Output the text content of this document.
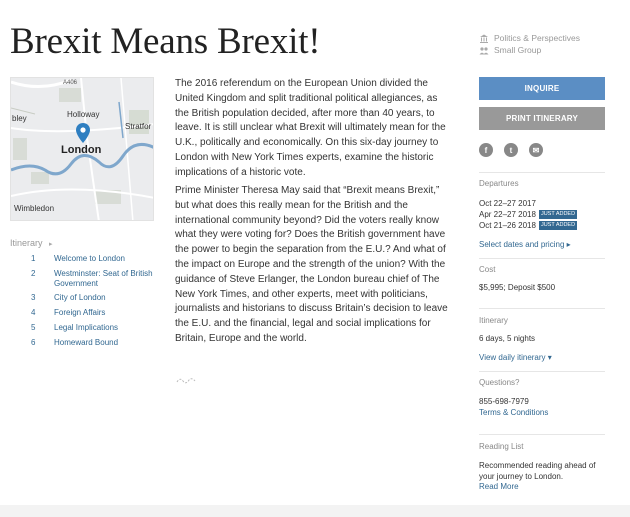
Brexit Means Brexit!	Politics & Perspectives
Small Group
A406
Holloway
bley
Stratfor
London
Wimbledon
Itinerary ▸
1	Welcome to London
2	Westminster: Seat of British Government
3	City of London
4	Foreign Affairs
5	Legal Implications
6	Homeward Bound

The 2016 referendum on the European Union divided the United Kingdom and split traditional political allegiances, as the British population decided, after more than 40 years, to leave. It is still unclear what Brexit will ultimately mean for the U.K., politically and economically. On this six-day journey to London with New York Times experts, examine the historic implications of a historic vote.

Prime Minister Theresa May said that “Brexit means Brexit,” but what does this really mean for the British and the international community beyond? Did the voters really know what they were voting for? Does the British government have the power to begin the separation from the E.U.? And what of the impact on Europe and the strength of the union? With the guidance of Steve Erlanger, the London bureau chief of The New York Times, and other experts, meet with politicians, journalists and historians to discuss Britain’s decision to leave the E.U. and the financial, legal and social implications for Britain, Europe and the world.

INQUIRE
PRINT ITINERARY
f	t	✉
Departures
Oct 22–27 2017
Apr 22–27 2018 JUST ADDED
Oct 21–26 2018 JUST ADDED
Select dates and pricing ▸
Cost
$5,995; Deposit $500
Itinerary
6 days, 5 nights
View daily itinerary ▾
Questions?
855-698-7979
Terms & Conditions
Reading List
Recommended reading ahead of your journey to London.
Read More
